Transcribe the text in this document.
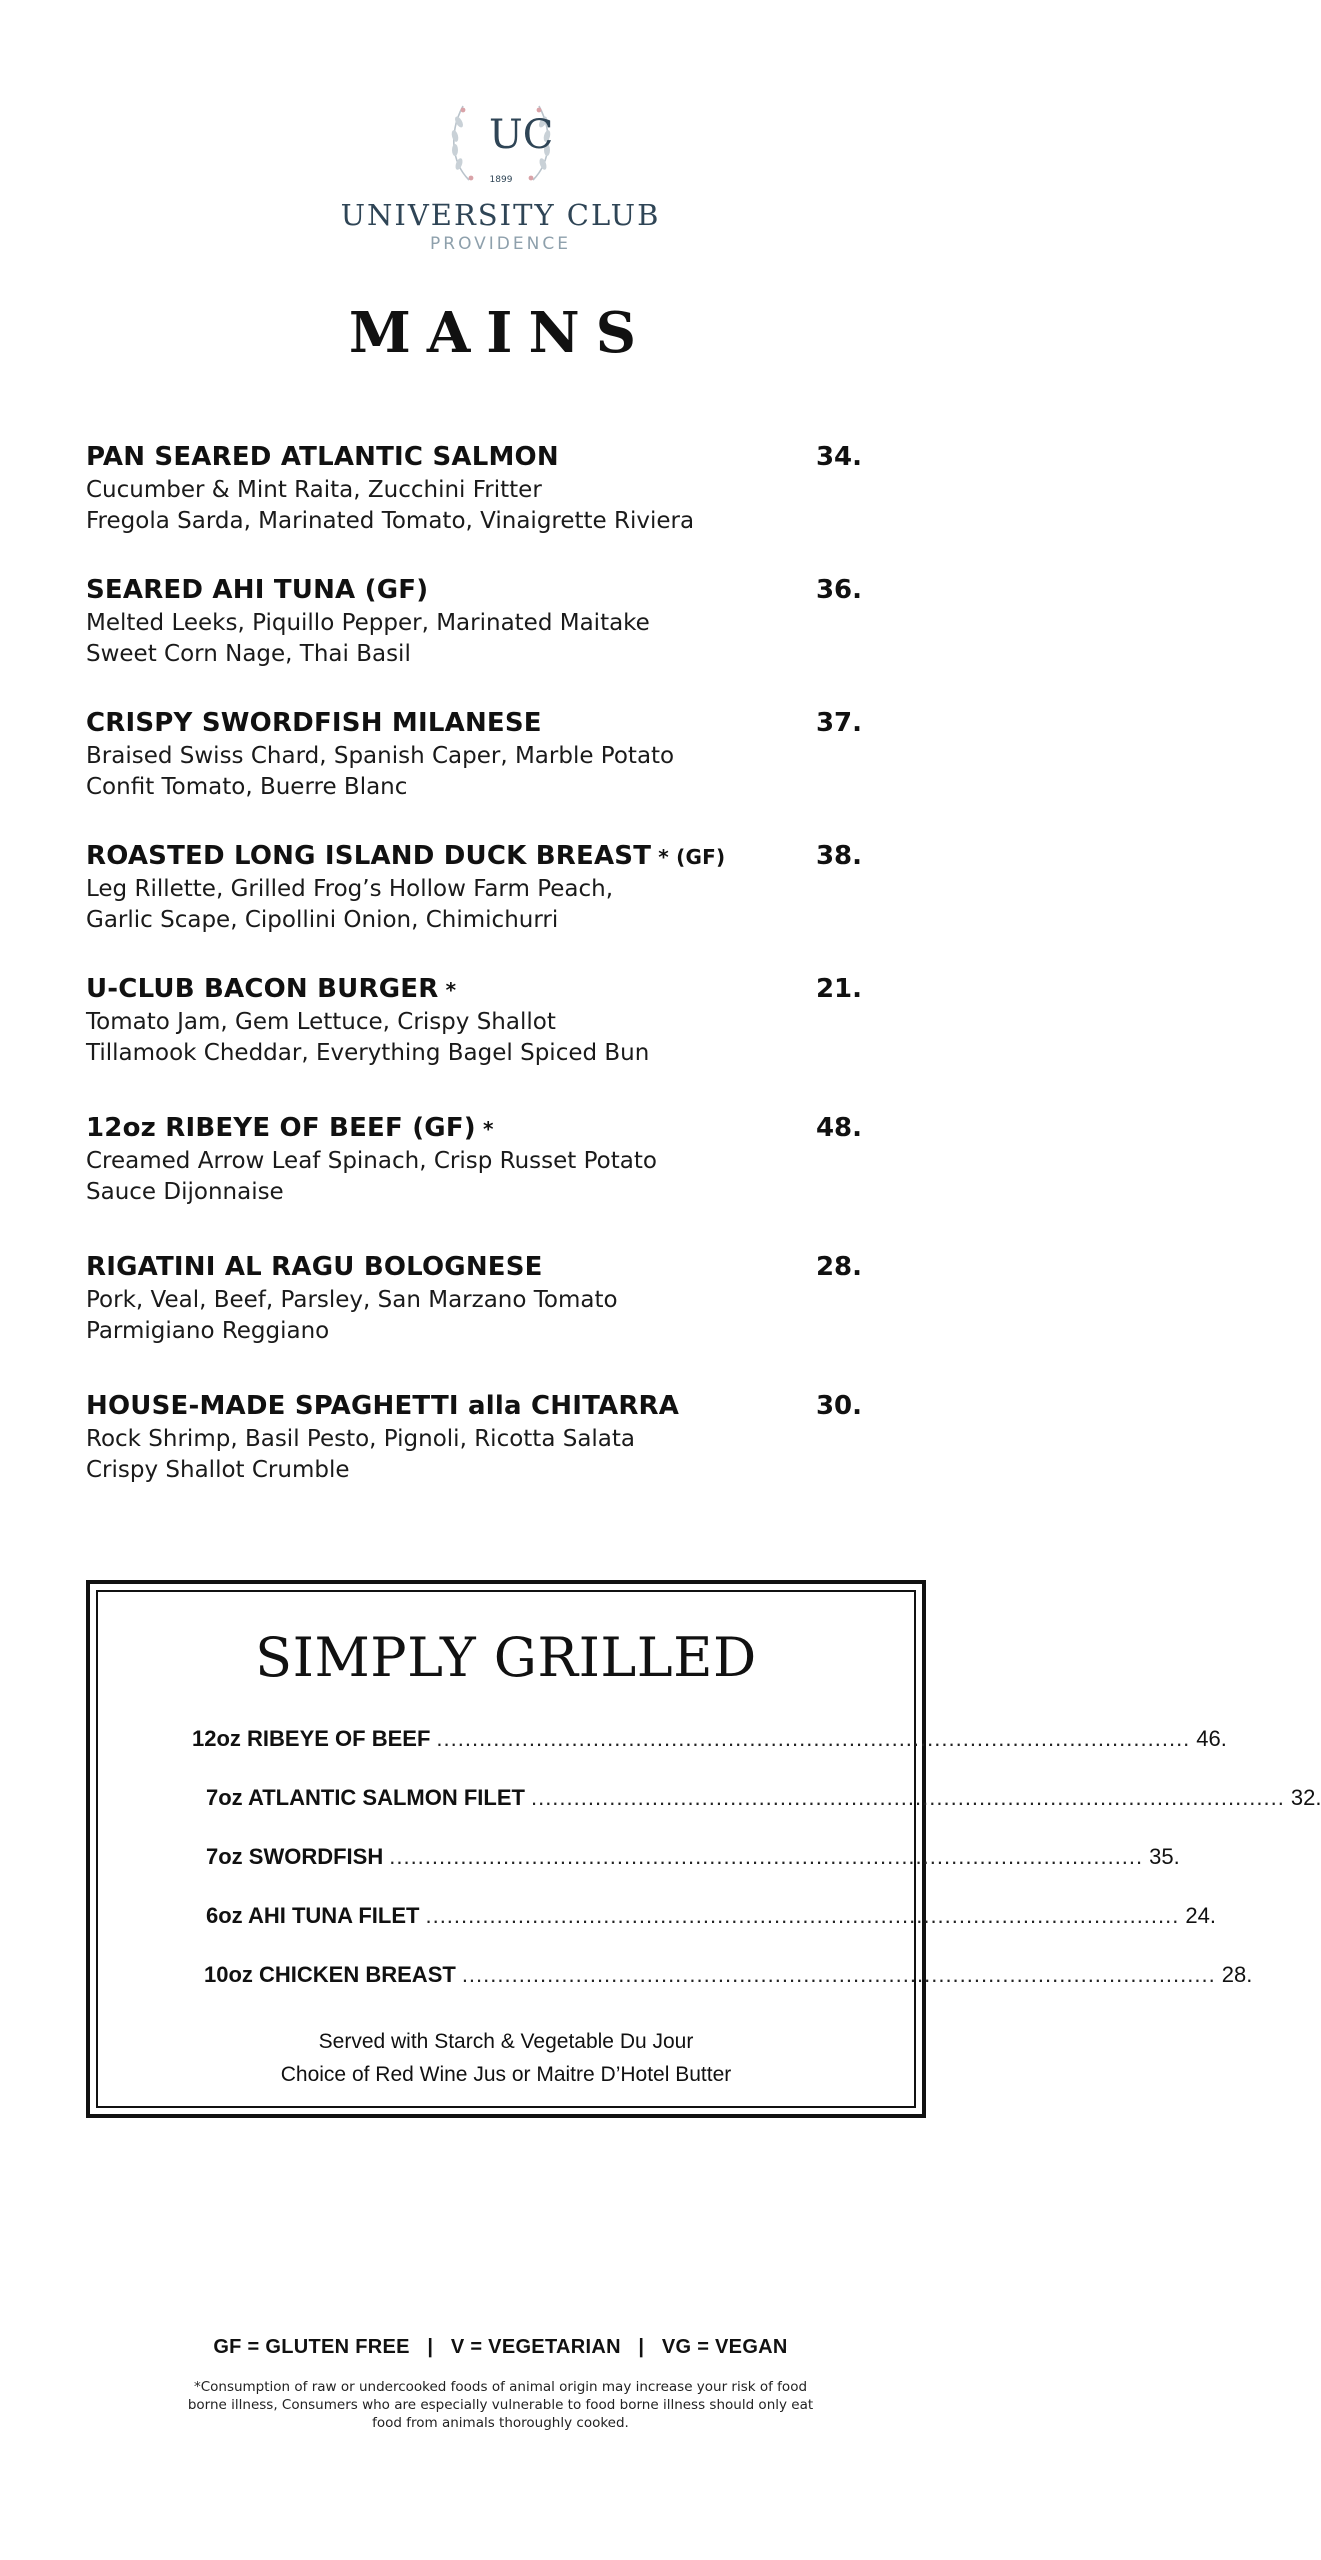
UC
1899
UNIVERSITY CLUB
PROVIDENCE
MAINS
PAN SEARED ATLANTIC SALMON	34.
Cucumber & Mint Raita, Zucchini Fritter
Fregola Sarda, Marinated Tomato, Vinaigrette Riviera
SEARED AHI TUNA (GF)	36.
Melted Leeks, Piquillo Pepper, Marinated Maitake
Sweet Corn Nage, Thai Basil
CRISPY SWORDFISH MILANESE	37.
Braised Swiss Chard, Spanish Caper, Marble Potato
Confit Tomato, Buerre Blanc
ROASTED LONG ISLAND DUCK BREAST * (GF)	38.
Leg Rillette, Grilled Frog’s Hollow Farm Peach,
Garlic Scape, Cipollini Onion, Chimichurri
U-CLUB BACON BURGER *	21.
Tomato Jam, Gem Lettuce, Crispy Shallot
Tillamook Cheddar, Everything Bagel Spiced Bun
12oz RIBEYE OF BEEF (GF) *	48.
Creamed Arrow Leaf Spinach, Crisp Russet Potato
Sauce Dijonnaise
RIGATINI AL RAGU BOLOGNESE	28.
Pork, Veal, Beef, Parsley, San Marzano Tomato
Parmigiano Reggiano
HOUSE-MADE SPAGHETTI alla CHITARRA	30.
Rock Shrimp, Basil Pesto, Pignoli, Ricotta Salata
Crispy Shallot Crumble
SIMPLY GRILLED
12oz RIBEYE OF BEEF .......................................................................................................... 46.
7oz ATLANTIC SALMON FILET .......................................................................................................... 32.
7oz SWORDFISH .......................................................................................................... 35.
6oz AHI TUNA FILET .......................................................................................................... 24.
10oz CHICKEN BREAST .......................................................................................................... 28.
Served with Starch & Vegetable Du Jour
Choice of Red Wine Jus or Maitre D’Hotel Butter
GF = GLUTEN FREE   |   V = VEGETARIAN   |   VG = VEGAN
*Consumption of raw or undercooked foods of animal origin may increase your risk of food borne illness, Consumers who are especially vulnerable to food borne illness should only eat food from animals thoroughly cooked.
